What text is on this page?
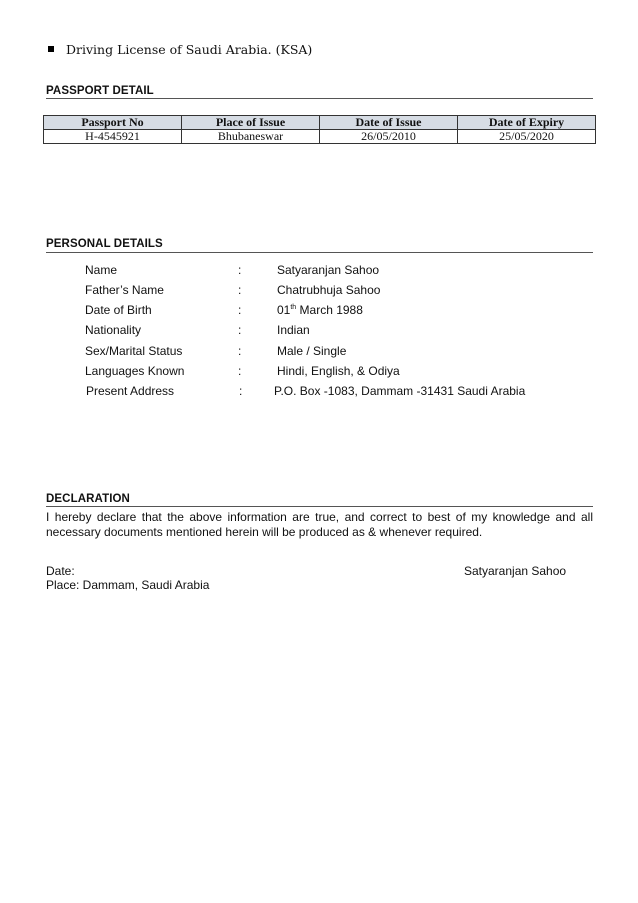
Driving License of Saudi Arabia. (KSA)
PASSPORT DETAIL
Passport No	Place of Issue	Date of Issue	Date of Expiry
H-4545921	Bhubaneswar	26/05/2010	25/05/2020
PERSONAL DETAILS
Name	:	Satyaranjan Sahoo
Father’s Name	:	Chatrubhuja Sahoo
Date of Birth	:	01th March 1988
Nationality	:	Indian
Sex/Marital Status	:	Male / Single
Languages Known	:	Hindi, English, & Odiya
Present Address	:	P.O. Box -1083, Dammam -31431 Saudi Arabia
DECLARATION
I hereby declare that the above information are true, and correct to best of my knowledge and all
necessary documents mentioned herein will be produced as & whenever required.
Date:	Satyaranjan Sahoo
Place: Dammam, Saudi Arabia
